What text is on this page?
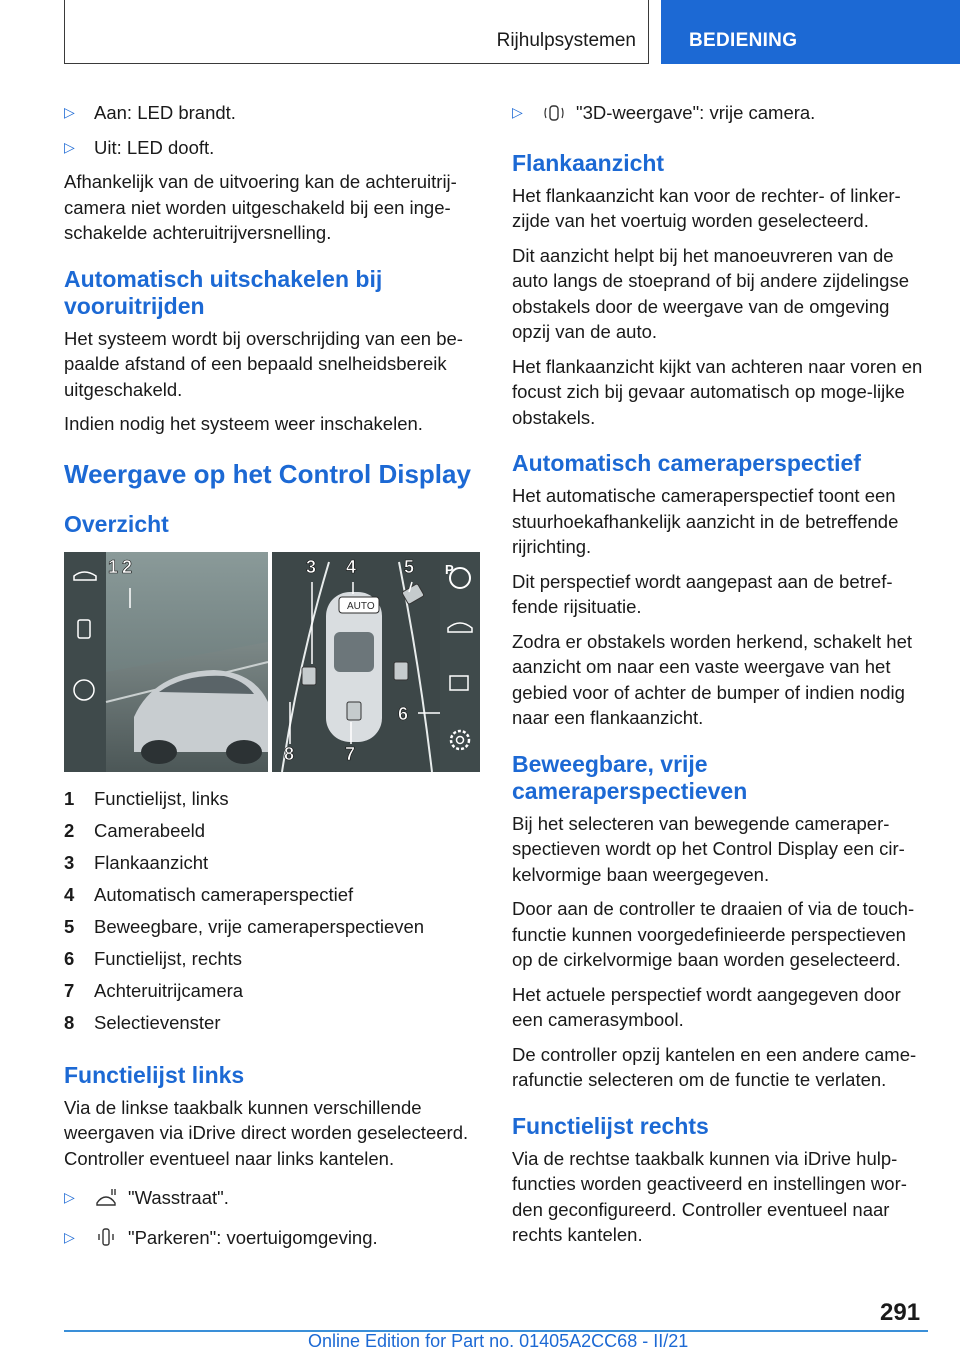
Rijhulpsystemen	BEDIENING
▷	Aan: LED brandt.
▷	Uit: LED dooft.

Afhankelijk van de uitvoering kan de achteruitrij-camera niet worden uitgeschakeld bij een inge-schakelde achteruitrijversnelling.

Automatisch uitschakelen bij vooruitrijden

Het systeem wordt bij overschrijding van een be-paalde afstand of een bepaald snelheidsbereik uitgeschakeld.

Indien nodig het systeem weer inschakelen.

Weergave op het Control Display
Overzicht
AUTO
P
1 2	3 4	5
6
7
8
1	Functielijst, links
2	Camerabeeld
3	Flankaanzicht
4	Automatisch cameraperspectief
5	Beweegbare, vrije cameraperspectieven
6	Functielijst, rechts
7	Achteruitrijcamera
8	Selectievenster
Functielijst links

Via de linkse taakbalk kunnen verschillende weergaven via iDrive direct worden geselecteerd. Controller eventueel naar links kantelen.

▷	"Wasstraat".
▷	"Parkeren": voertuigomgeving.
▷	"3D-weergave": vrije camera.
Flankaanzicht

Het flankaanzicht kan voor de rechter- of linker-zijde van het voertuig worden geselecteerd.

Dit aanzicht helpt bij het manoeuvreren van de auto langs de stoeprand of bij andere zijdelingse obstakels door de weergave van de omgeving opzij van de auto.

Het flankaanzicht kijkt van achteren naar voren en focust zich bij gevaar automatisch op moge-lijke obstakels.

Automatisch cameraperspectief

Het automatische cameraperspectief toont een stuurhoekafhankelijk aanzicht in de betreffende rijrichting.

Dit perspectief wordt aangepast aan de betref-fende rijsituatie.

Zodra er obstakels worden herkend, schakelt het aanzicht om naar een vaste weergave van het gebied voor of achter de bumper of indien nodig naar een flankaanzicht.

Beweegbare, vrije cameraperspectieven

Bij het selecteren van bewegende cameraper-spectieven wordt op het Control Display een cir-kelvormige baan weergegeven.

Door aan de controller te draaien of via de touch-functie kunnen voorgedefinieerde perspectieven op de cirkelvormige baan worden geselecteerd.

Het actuele perspectief wordt aangegeven door een camerasymbool.

De controller opzij kantelen en een andere came-rafunctie selecteren om de functie te verlaten.

Functielijst rechts

Via de rechtse taakbalk kunnen via iDrive hulp-functies worden geactiveerd en instellingen wor-den geconfigureerd. Controller eventueel naar rechts kantelen.

291
Online Edition for Part no. 01405A2CC68 - II/21
